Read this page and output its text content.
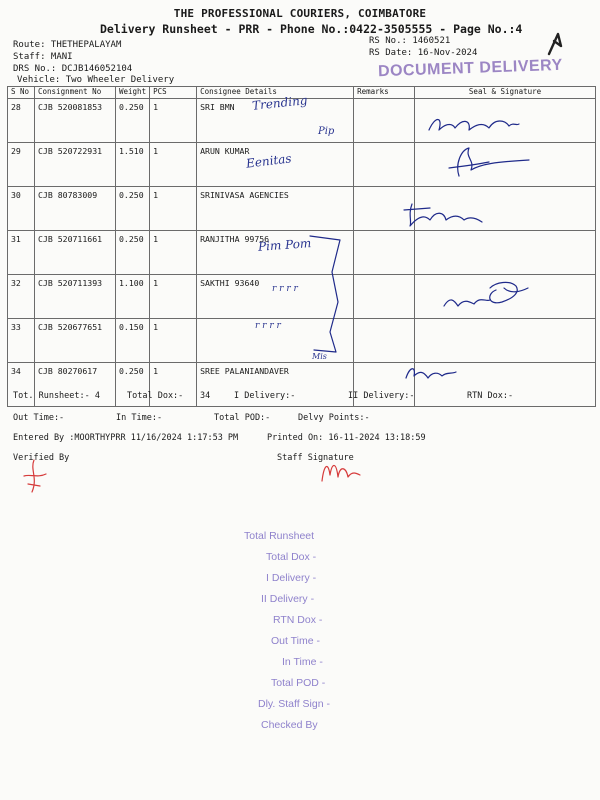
THE PROFESSIONAL COURIERS, COIMBATORE
Delivery Runsheet - PRR - Phone No.:0422-3505555 - Page No.:4
Route: THETHEPALAYAM
Staff: MANI
DRS No.: DCJB146052104
Vehicle: Two Wheeler Delivery
RS No.: 1460521
RS Date: 16-Nov-2024
DOCUMENT DELIVERY
S No	Consignment No	Weight	PCS	Consignee Details	Remarks	Seal & Signature
28	CJB 520081853	0.250	1	SRI BMN		
29	CJB 520722931	1.510	1	ARUN KUMAR		
30	CJB 80783009	0.250	1	SRINIVASA AGENCIES		
31	CJB 520711661	0.250	1	RANJITHA 99756		
32	CJB 520711393	1.100	1	SAKTHI 93640		
33	CJB 520677651	0.150	1			
34	CJB 80270617	0.250	1	SREE PALANIANDAVER		
Trending
Pip
Eenitas
Pim Pom
r r r r
r r r r
Mis
Tot. Runsheet:- 4	Total Dox:- 34	I Delivery:-	II Delivery:-	RTN Dox:-
Out Time:-	In Time:-	Total POD:-	Delvy Points:-
Entered By :MOORTHYPRR 11/16/2024 1:17:53 PM	Printed On: 16-11-2024 13:18:59
Verified By	Staff Signature
Total Runsheet
Total Dox -
I Delivery -
II Delivery -
RTN Dox -
Out Time -
In Time -
Total POD -
Dly. Staff Sign -
Checked By
